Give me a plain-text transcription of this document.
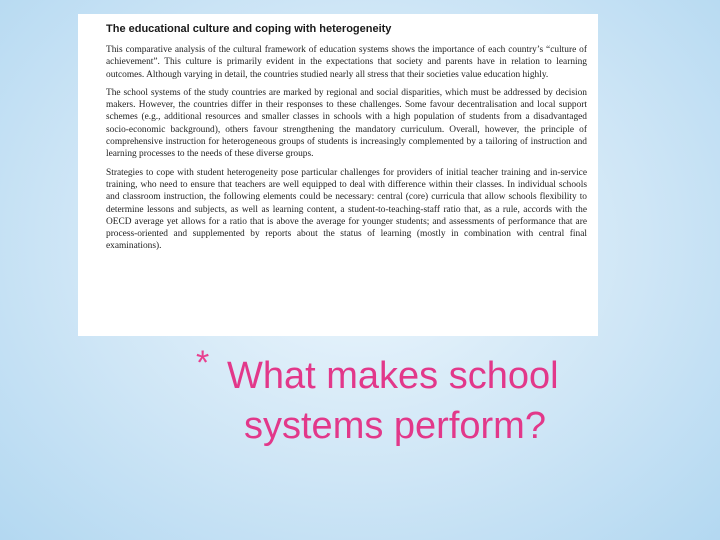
The educational culture and coping with heterogeneity

This comparative analysis of the cultural framework of education systems shows the importance of each country’s “culture of achievement”. This culture is primarily evident in the expectations that society and parents have in relation to learning outcomes. Although varying in detail, the countries studied nearly all stress that their societies value education highly.

The school systems of the study countries are marked by regional and social disparities, which must be addressed by decision makers. However, the countries differ in their responses to these challenges. Some favour decentralisation and local support schemes (e.g., additional resources and smaller classes in schools with a high population of students from a disadvantaged socio-economic background), others favour strengthening the mandatory curriculum. Overall, however, the principle of comprehensive instruction for heterogeneous groups of students is increasingly complemented by a tailoring of instruction and learning processes to the needs of these diverse groups.

Strategies to cope with student heterogeneity pose particular challenges for providers of initial teacher training and in-service training, who need to ensure that teachers are well equipped to deal with difference within their classes. In individual schools and classroom instruction, the following elements could be necessary: central (core) curricula that allow schools flexibility to determine lessons and subjects, as well as learning content, a student-to-teaching-staff ratio that, as a rule, accords with the OECD average yet allows for a ratio that is above the average for younger students; and assessments of performance that are process-oriented and supplemented by reports about the status of learning (mostly in combination with central final examinations).

* What makes school
systems perform?
